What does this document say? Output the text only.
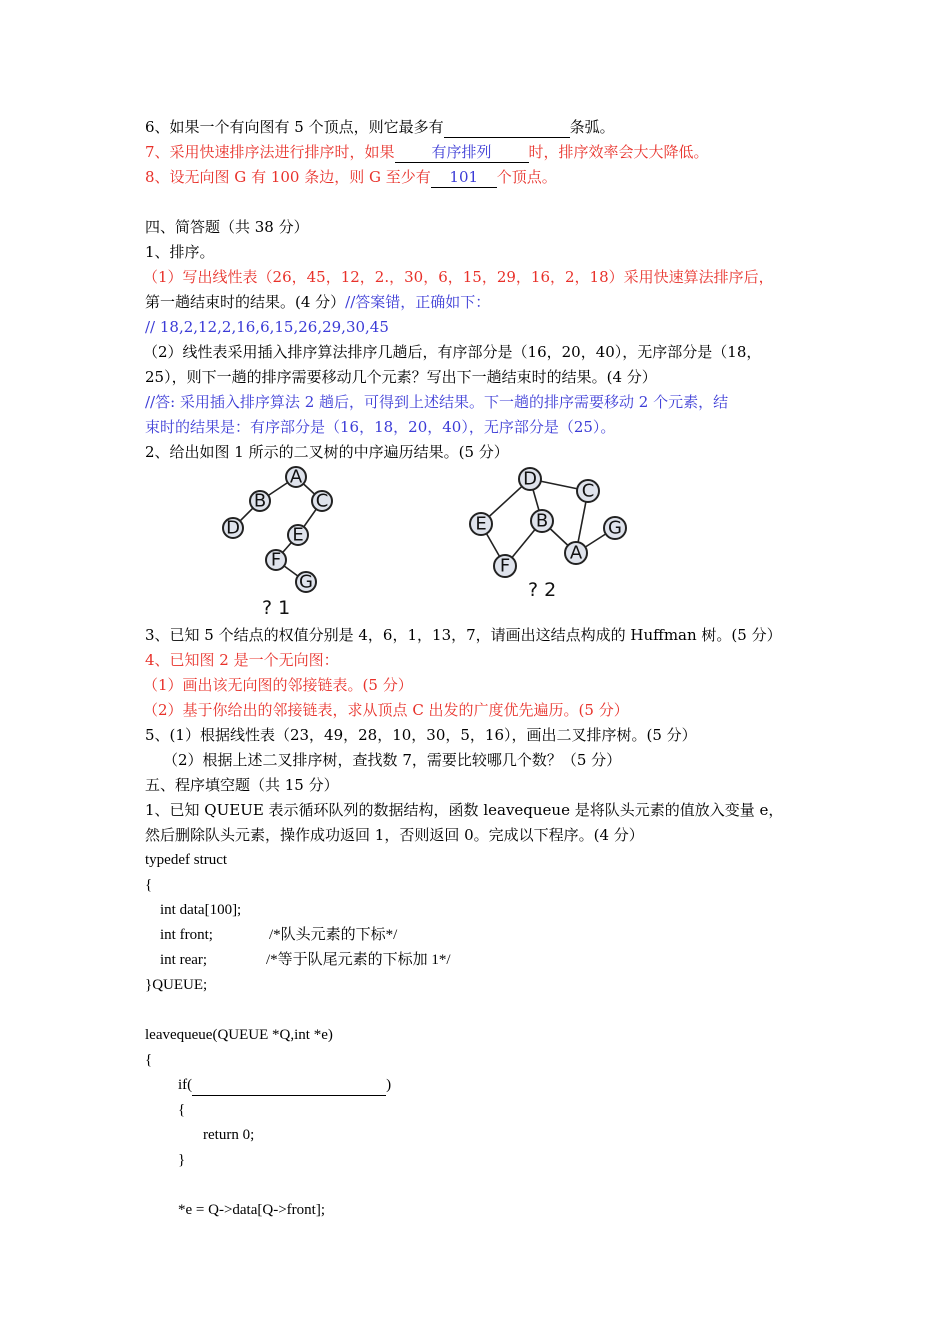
6、如果一个有向图有 5 个顶点，则它最多有	条弧。
7、采用快速排序法进行排序时，如果 有序排列 时，排序效率会大大降低。
8、设无向图 G 有 100 条边，则 G 至少有 101 个顶点。
四、简答题（共 38 分）
1、排序。
（1）写出线性表（26，45，12，2.，30，6，15，29，16，2，18）采用快速算法排序后，
第一趟结束时的结果。(4 分）//答案错，正确如下：
// 18,2,12,2,16,6,15,26,29,30,45
（2）线性表采用插入排序算法排序几趟后，有序部分是（16，20，40），无序部分是（18，
25），则下一趟的排序需要移动几个元素？写出下一趟结束时的结果。(4 分）
//答: 采用插入排序算法 2 趟后，可得到上述结果。下一趟的排序需要移动 2 个元素，结
束时的结果是：有序部分是（16，18，20，40），无序部分是（25）。
2、给出如图 1 所示的二叉树的中序遍历结果。(5 分）
A
B	C
D	E
F
G
? 1
D
C
E	B	G
A
F
? 2
3、已知 5 个结点的权值分别是 4，6，1，13，7，请画出这结点构成的 Huffman 树。(5 分）
4、已知图 2 是一个无向图：
（1）画出该无向图的邻接链表。(5 分）
（2）基于你给出的邻接链表，求从顶点 C 出发的广度优先遍历。(5 分）
5、(1）根据线性表（23，49，28，10，30，5，16），画出二叉排序树。(5 分）
（2）根据上述二叉排序树，查找数 7，需要比较哪几个数？（5 分）
五、程序填空题（共 15 分）
1、已知 QUEUE 表示循环队列的数据结构，函数 leavequeue 是将队头元素的值放入变量 e，
然后删除队头元素，操作成功返回 1，否则返回 0。完成以下程序。(4 分）
typedef struct
{
int data[100];
int front;	/*队头元素的下标*/
int rear;	/*等于队尾元素的下标加 1*/
}QUEUE;
leavequeue(QUEUE *Q,int *e)
{
if(	)
{
return 0;
}
*e = Q->data[Q->front];
